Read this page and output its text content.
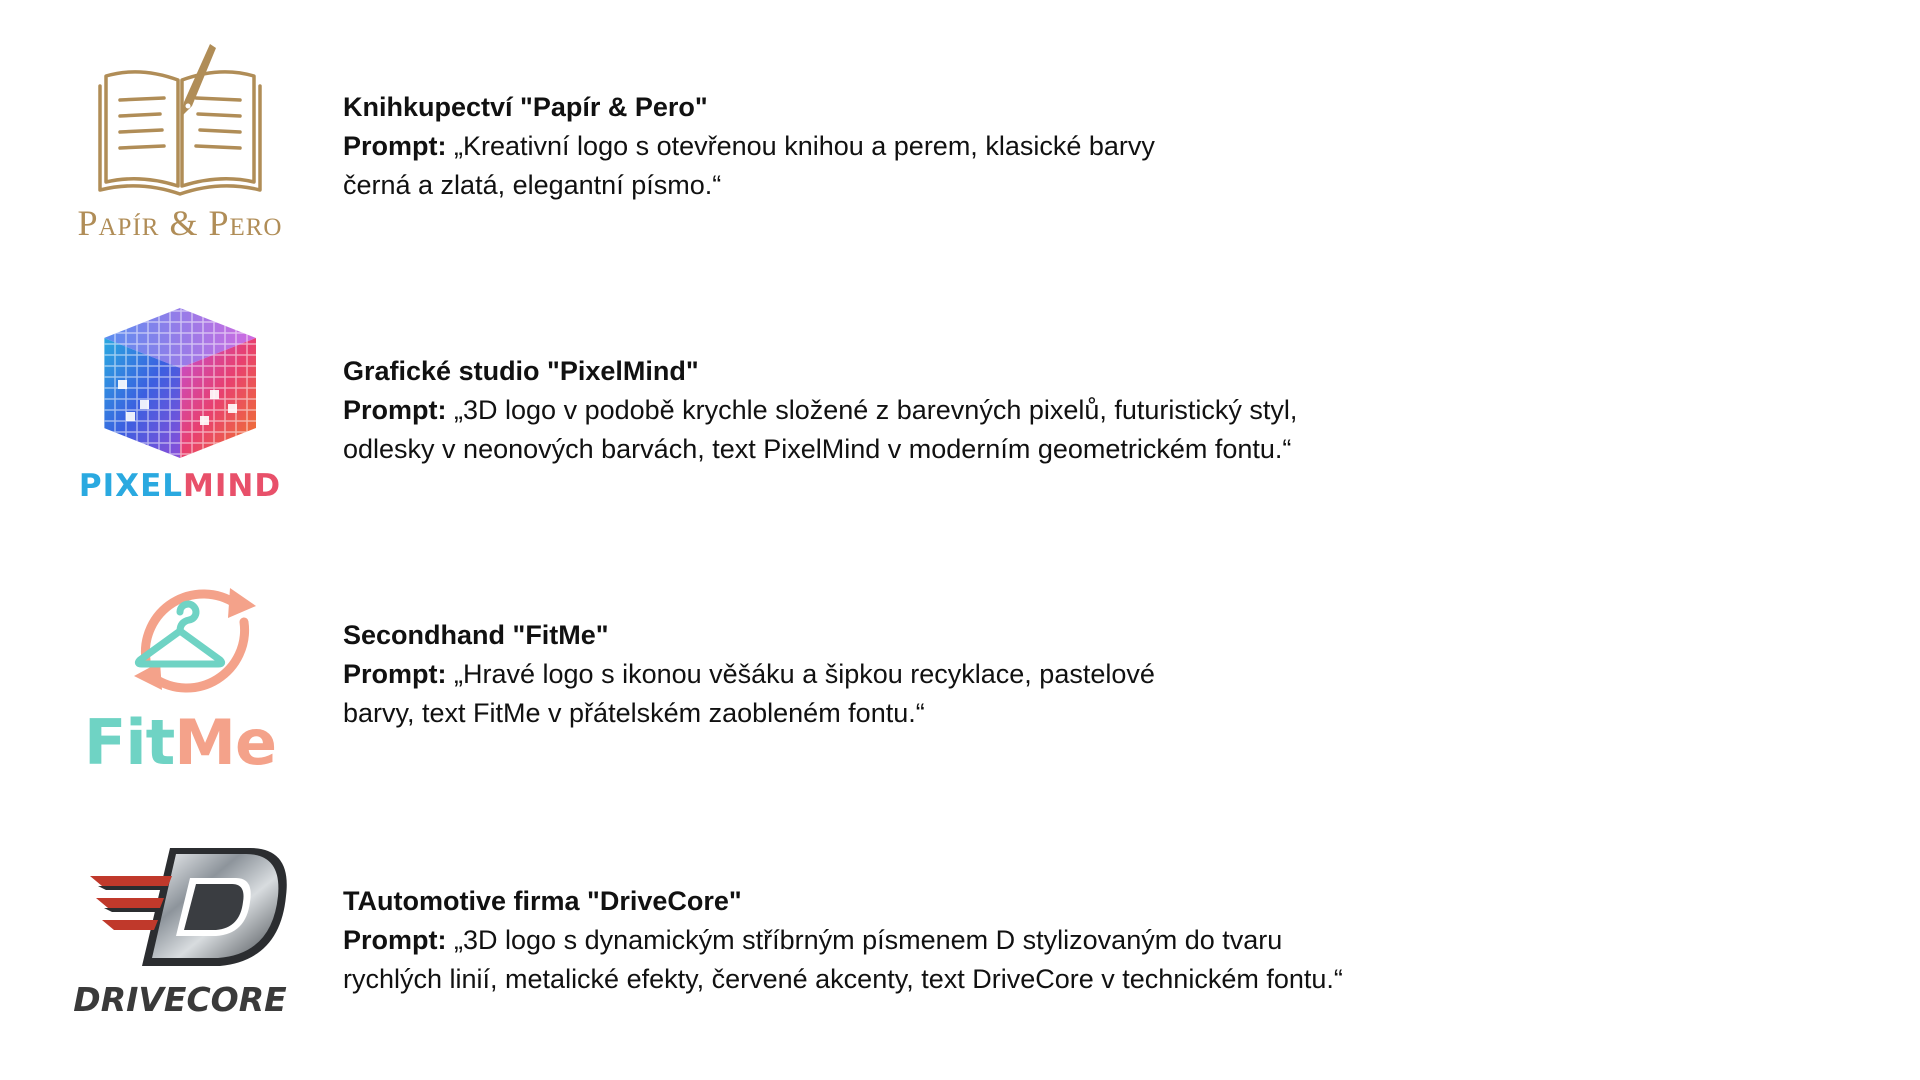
Papír & Pero
Knihkupectví "Papír & Pero"
Prompt: „Kreativní logo s otevřenou knihou a perem, klasické barvy
černá a zlatá, elegantní písmo.“
PIXELMIND
Grafické studio "PixelMind"
Prompt: „3D logo v podobě krychle složené z barevných pixelů, futuristický styl,
odlesky v neonových barvách, text PixelMind v moderním geometrickém fontu.“
FitMe
Secondhand "FitMe"
Prompt: „Hravé logo s ikonou věšáku a šipkou recyklace, pastelové
barvy, text FitMe v přátelském zaobleném fontu.“
DRIVECORE
TAutomotive firma "DriveCore"
Prompt: „3D logo s dynamickým stříbrným písmenem D stylizovaným do tvaru
rychlých linií, metalické efekty, červené akcenty, text DriveCore v technickém fontu.“
